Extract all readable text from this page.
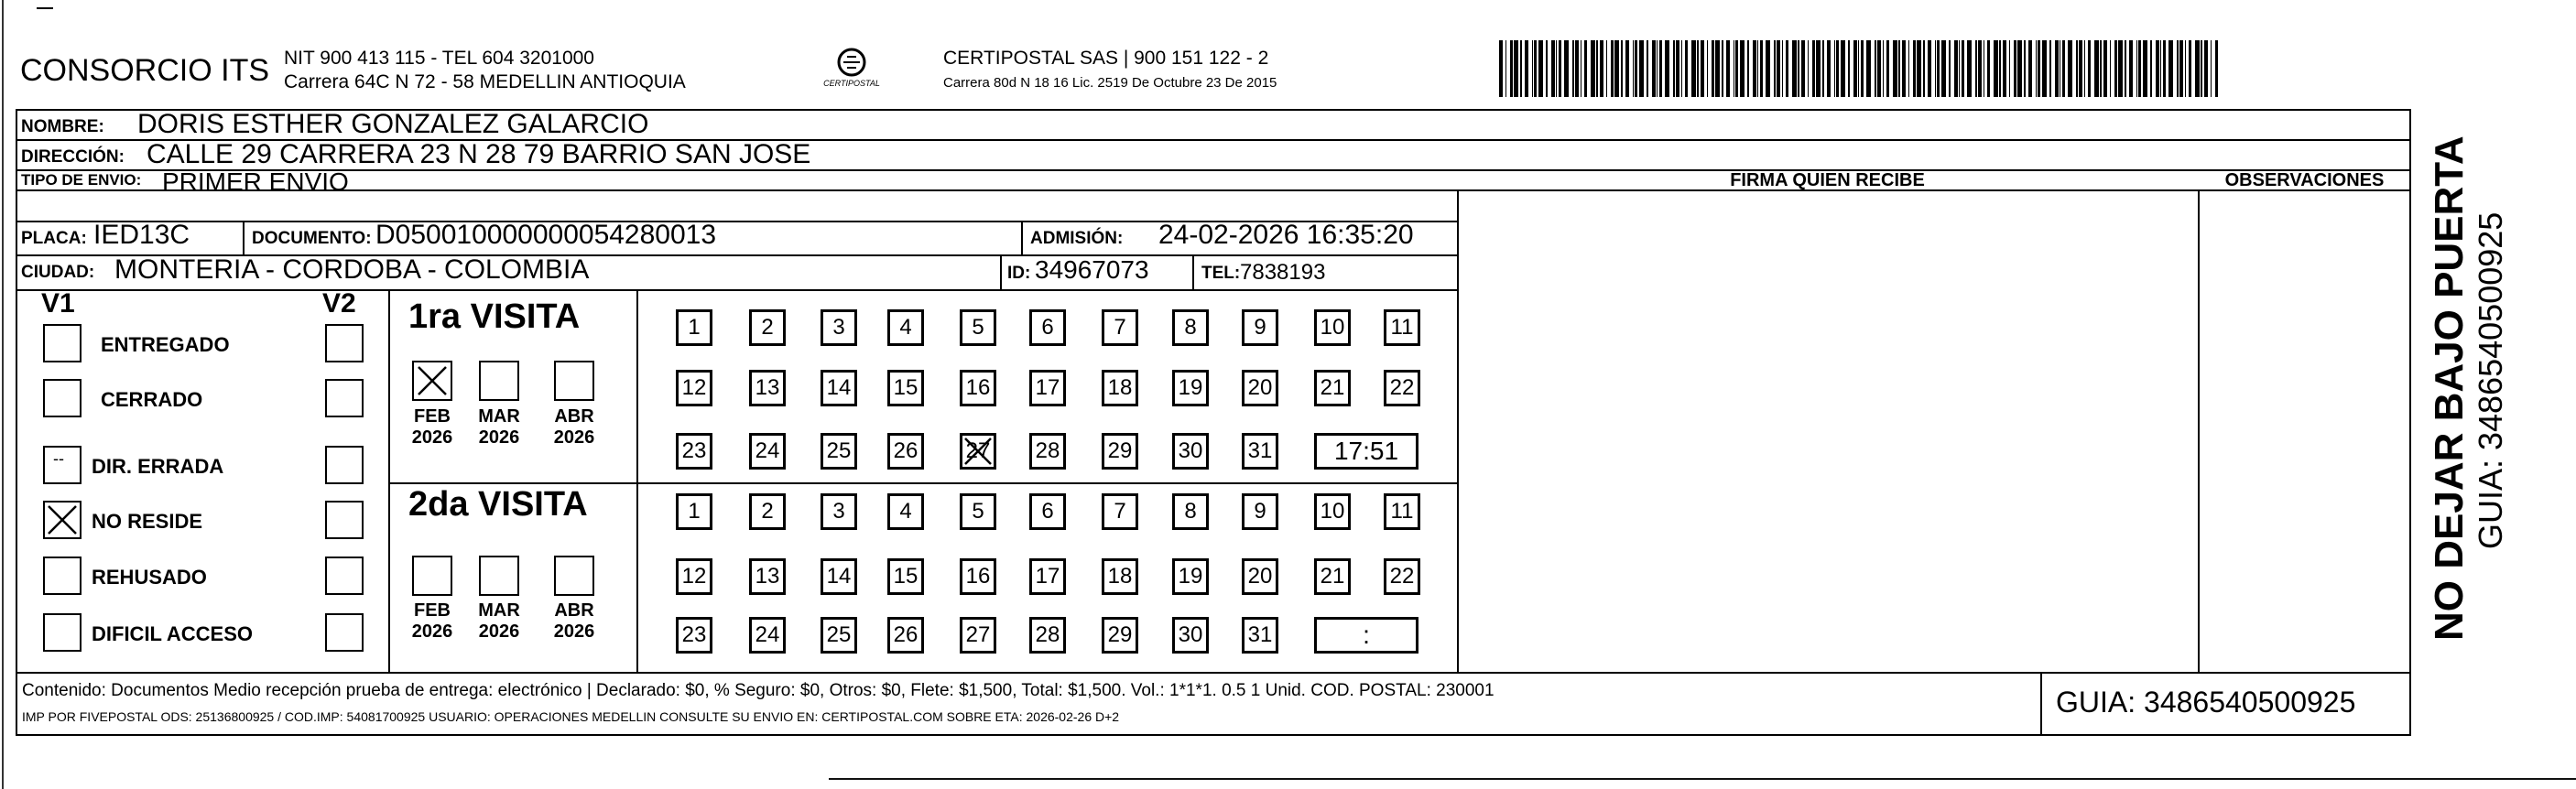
CONSORCIO ITS NIT 900 413 115 - TEL 604 3201000
Carrera 64C N 72 - 58 MEDELLIN ANTIOQUIA	CERTIPOSTAL
CERTIPOSTAL SAS | 900 151 122 - 2
Carrera 80d N 18 16 Lic. 2519 De Octubre 23 De 2015
NOMBRE: DORIS ESTHER GONZALEZ GALARCIO
DIRECCIÓN: CALLE 29 CARRERA 23 N 28 79 BARRIO SAN JOSE
TIPO DE ENVIO: PRIMER ENVIO	FIRMA QUIEN RECIBE	OBSERVACIONES
PLACA: IED13C	DOCUMENTO: D050010000000054280013	ADMISIÓN: 24-02-2026 16:35:20
CIUDAD: MONTERIA - CORDOBA - COLOMBIA	ID: 34967073	TEL: 7838193
V1	V2
ENTREGADO
CERRADO
DIR. ERRADA
--
NO RESIDE
REHUSADO
DIFICIL ACCESO
1ra VISITA
2da VISITA
1	2	3	4	5	6	7	8	9	10	11
12 13 14 15 16 17 18 19 20 21 22
23 24 25 26 27 28 29 30 31	17:51
1	2	3	4	5	6	7	8	9	10	11
12 13 14 15 16 17 18 19 20 21 22
23 24 25 26 27 28 29 30 31	:
FEB
2026
MAR
2026
ABR
2026
FEB
2026
MAR
2026
ABR
2026
Contenido: Documentos Medio recepción prueba de entrega: electrónico | Declarado: $0, % Seguro: $0, Otros: $0, Flete: $1,500, Total: $1,500. Vol.: 1*1*1. 0.5 1 Unid. COD. POSTAL: 230001
IMP POR FIVEPOSTAL ODS: 25136800925 / COD.IMP: 54081700925 USUARIO: OPERACIONES MEDELLIN CONSULTE SU ENVIO EN: CERTIPOSTAL.COM SOBRE ETA: 2026-02-26 D+2	GUIA: 3486540500925
NO DEJAR BAJO PUERTA GUIA: 3486540500925
